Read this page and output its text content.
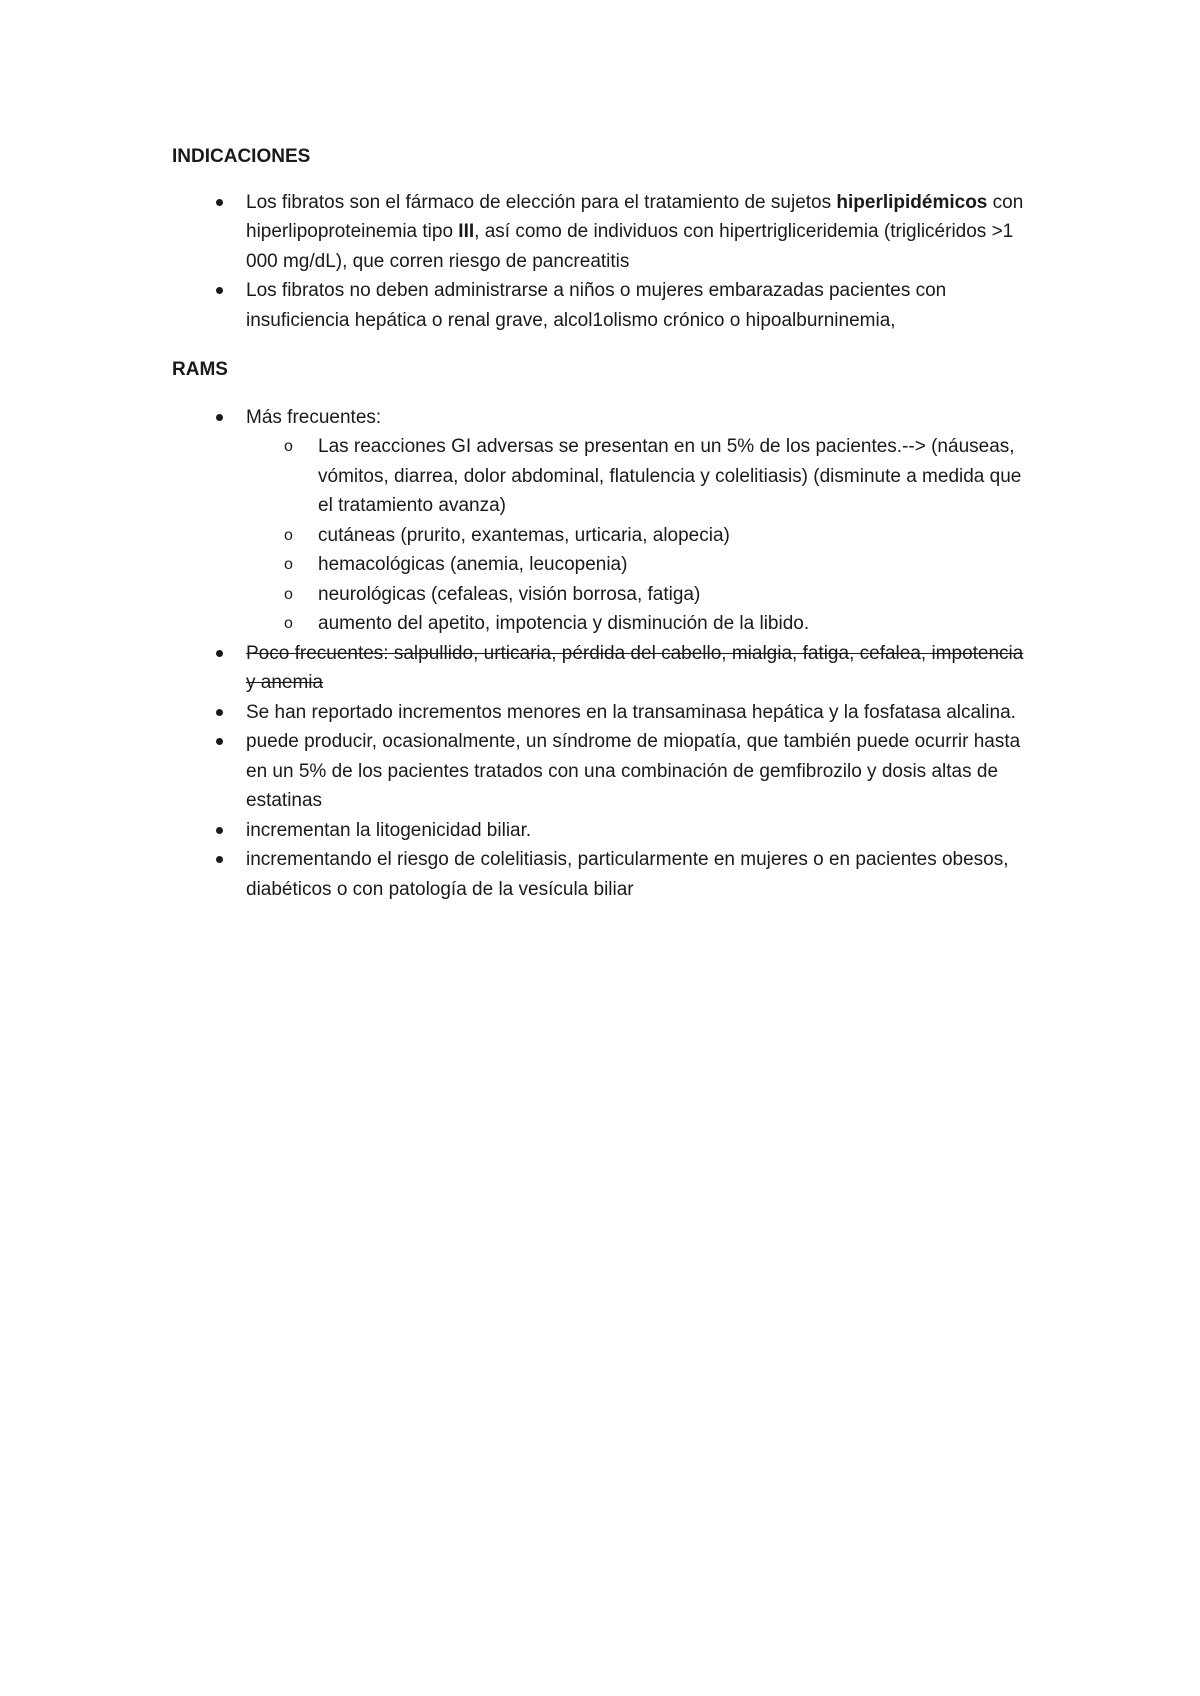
INDICACIONES

Los fibratos son el fármaco de elección para el tratamiento de sujetos hiperlipidémicos con hiperlipoproteinemia tipo III, así como de individuos con hipertrigliceridemia (triglicéridos >1 000 mg/dL), que corren riesgo de pancreatitis
Los fibratos no deben administrarse a niños o mujeres embarazadas pacientes con insuficiencia hepática o renal grave, alcol1olismo crónico o hipoalburninemia,

RAMS

Más frecuentes:
o Las reacciones GI adversas se presentan en un 5% de los pacientes.--> (náuseas, vómitos, diarrea, dolor abdominal, flatulencia y colelitiasis) (disminute a medida que el tratamiento avanza)
o cutáneas (prurito, exantemas, urticaria, alopecia)
o hemacológicas (anemia, leucopenia)
o neurológicas (cefaleas, visión borrosa, fatiga)
o aumento del apetito, impotencia y disminución de la libido.
Poco frecuentes: salpullido, urticaria, pérdida del cabello, mialgia, fatiga, cefalea, impotencia y anemia
Se han reportado incrementos menores en la transaminasa hepática y la fosfatasa alcalina.
puede producir, ocasionalmente, un síndrome de miopatía, que también puede ocurrir hasta en un 5% de los pacientes tratados con una combinación de gemfibrozilo y dosis altas de estatinas
incrementan la litogenicidad biliar.
incrementando el riesgo de colelitiasis, particularmente en mujeres o en pacientes obesos, diabéticos o con patología de la vesícula biliar
